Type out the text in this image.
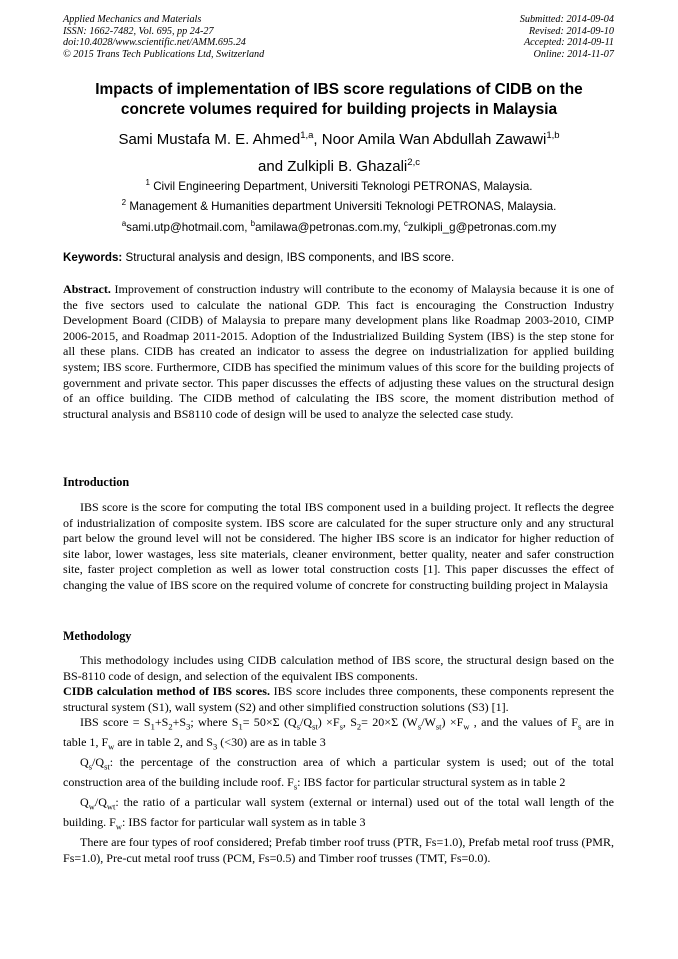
Applied Mechanics and Materials
ISSN: 1662-7482, Vol. 695, pp 24-27
doi:10.4028/www.scientific.net/AMM.695.24
© 2015 Trans Tech Publications Ltd, Switzerland
Submitted: 2014-09-04
Revised: 2014-09-10
Accepted: 2014-09-11
Online: 2014-11-07
Impacts of implementation of IBS score regulations of CIDB on the
concrete volumes required for building projects in Malaysia
Sami Mustafa M. E. Ahmed$^{1,a}$, Noor Amila Wan Abdullah Zawawi$^{1,b}$
and Zulkipli B. Ghazali$^{2,c}$
$^1$ Civil Engineering Department, Universiti Teknologi PETRONAS, Malaysia.
$^2$ Management & Humanities department Universiti Teknologi PETRONAS, Malaysia.
$^a$sami.utp@hotmail.com, $^b$amilawa@petronas.com.my, $^c$zulkipli_g@petronas.com.my
Keywords: Structural analysis and design, IBS components, and IBS score.

Abstract. Improvement of construction industry will contribute to the economy of Malaysia because it is one of the five sectors used to calculate the national GDP. This fact is encouraging the Construction Industry Development Board (CIDB) of Malaysia to prepare many development plans like Roadmap 2003-2010, CIMP 2006-2015, and Roadmap 2011-2015. Adoption of the Industrialized Building System (IBS) is the step stone for all these plans. CIDB has created an indicator to assess the degree on industrialization for applied building system; IBS score. Furthermore, CIDB has specified the minimum values of this score for the building projects of government and private sector. This paper discusses the effects of adjusting these values on the structural design of an office building. The CIDB method of calculating the IBS score, the moment distribution method of structural analysis and BS8110 code of design will be used to analyze the selected case study.

Introduction

IBS score is the score for computing the total IBS component used in a building project. It reflects the degree of industrialization of composite system. IBS score are calculated for the super structure only and any structural part below the ground level will not be considered. The higher IBS score is an indicator for higher reduction of site labor, lower wastages, less site materials, cleaner environment, better quality, neater and safer construction site, faster project completion as well as lower total construction costs [1]. This paper discusses the effect of changing the value of IBS score on the required volume of concrete for constructing building project in Malaysia

Methodology

This methodology includes using CIDB calculation method of IBS score, the structural design based on the BS-8110 code of design, and selection of the equivalent IBS components.

CIDB calculation method of IBS scores. IBS score includes three components, these components represent the structural system (S1), wall system (S2) and other simplified construction solutions (S3) [1].

IBS score = $S_1+S_2+S_3$; where $S_1= 50\times\Sigma$ $(Q_s/Q_{st}) \times F_s$, $S_2= 20\times\Sigma$ $(W_s/W_{st}) \times F_w$ , and the values of $F_s$ are in table 1, $F_w$ are in table 2, and $S_3$ (<30) are as in table 3

$Q_s/Q_{st}$: the percentage of the construction area of which a particular system is used; out of the total construction area of the building include roof. $F_s$: IBS factor for particular structural system as in table 2

$Q_w/Q_{wt}$: the ratio of a particular wall system (external or internal) used out of the total wall length of the building. $F_w$: IBS factor for particular wall system as in table 3

There are four types of roof considered; Prefab timber roof truss (PTR, Fs=1.0), Prefab metal roof truss (PMR, Fs=1.0), Pre-cut metal roof truss (PCM, Fs=0.5) and Timber roof trusses (TMT, Fs=0.0).
